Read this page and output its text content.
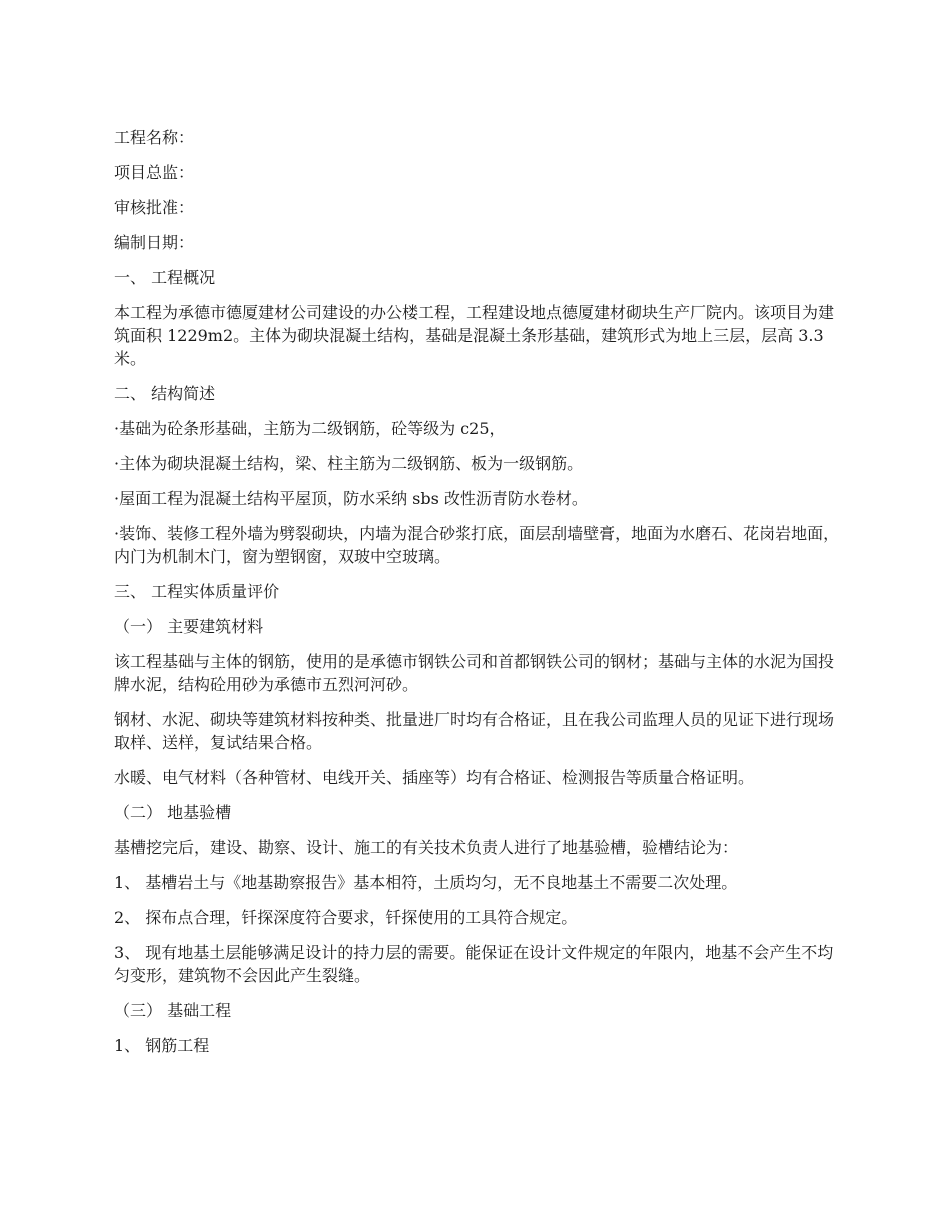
工程名称：

项目总监：

审核批准：

编制日期：

一、 工程概况

本工程为承德市德厦建材公司建设的办公楼工程，工程建设地点德厦建材砌块生产厂院内。该项目为建筑面积 1229m2。主体为砌块混凝土结构，基础是混凝土条形基础，建筑形式为地上三层，层高 3.3 米。

二、 结构简述

·基础为砼条形基础，主筋为二级钢筋，砼等级为 c25，

·主体为砌块混凝土结构，梁、柱主筋为二级钢筋、板为一级钢筋。

·屋面工程为混凝土结构平屋顶，防水采纳 sbs 改性沥青防水卷材。

·装饰、装修工程外墙为劈裂砌块，内墙为混合砂浆打底，面层刮墙壁膏，地面为水磨石、花岗岩地面，内门为机制木门，窗为塑钢窗，双玻中空玻璃。

三、 工程实体质量评价

（一） 主要建筑材料

该工程基础与主体的钢筋，使用的是承德市钢铁公司和首都钢铁公司的钢材；基础与主体的水泥为国投牌水泥，结构砼用砂为承德市五烈河河砂。

钢材、水泥、砌块等建筑材料按种类、批量进厂时均有合格证，且在我公司监理人员的见证下进行现场取样、送样，复试结果合格。

水暖、电气材料（各种管材、电线开关、插座等）均有合格证、检测报告等质量合格证明。

（二） 地基验槽

基槽挖完后，建设、勘察、设计、施工的有关技术负责人进行了地基验槽，验槽结论为：

1、 基槽岩土与《地基勘察报告》基本相符，土质均匀，无不良地基土不需要二次处理。

2、 探布点合理，钎探深度符合要求，钎探使用的工具符合规定。

3、 现有地基土层能够满足设计的持力层的需要。能保证在设计文件规定的年限内，地基不会产生不均匀变形，建筑物不会因此产生裂缝。

（三） 基础工程

1、 钢筋工程
